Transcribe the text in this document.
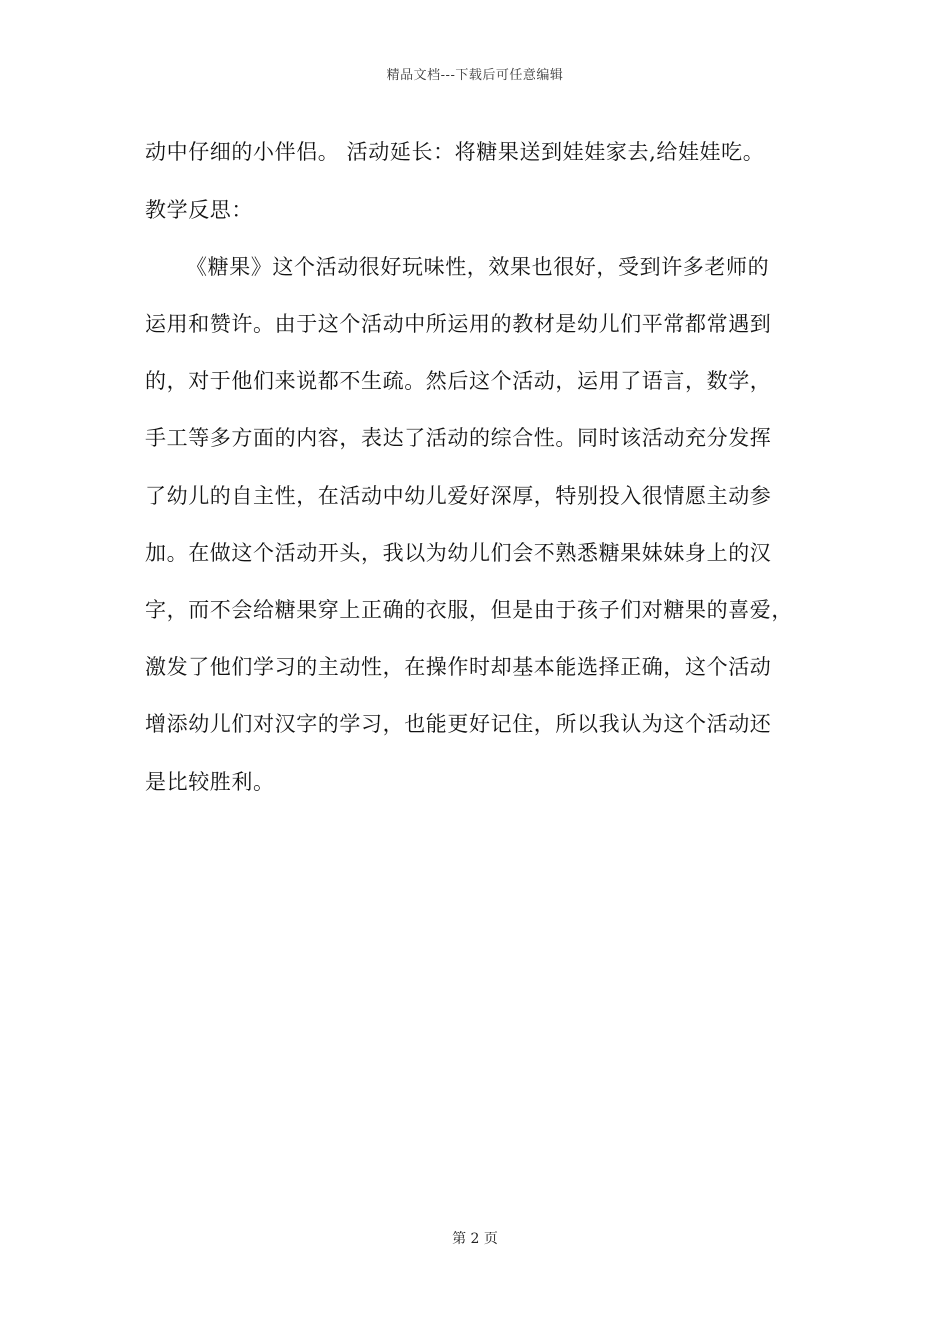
精品文档---下载后可任意编辑
动中仔细的小伴侣。 活动延长：将糖果送到娃娃家去,给娃娃吃。
教学反思：
《糖果》这个活动很好玩味性，效果也很好，受到许多老师的
运用和赞许。由于这个活动中所运用的教材是幼儿们平常都常遇到
的，对于他们来说都不生疏。然后这个活动，运用了语言，数学，
手工等多方面的内容，表达了活动的综合性。同时该活动充分发挥
了幼儿的自主性，在活动中幼儿爱好深厚，特别投入很情愿主动参
加。在做这个活动开头，我以为幼儿们会不熟悉糖果妹妹身上的汉
字，而不会给糖果穿上正确的衣服，但是由于孩子们对糖果的喜爱，
激发了他们学习的主动性，在操作时却基本能选择正确，这个活动
增添幼儿们对汉字的学习，也能更好记住，所以我认为这个活动还
是比较胜利。
第 2 页
